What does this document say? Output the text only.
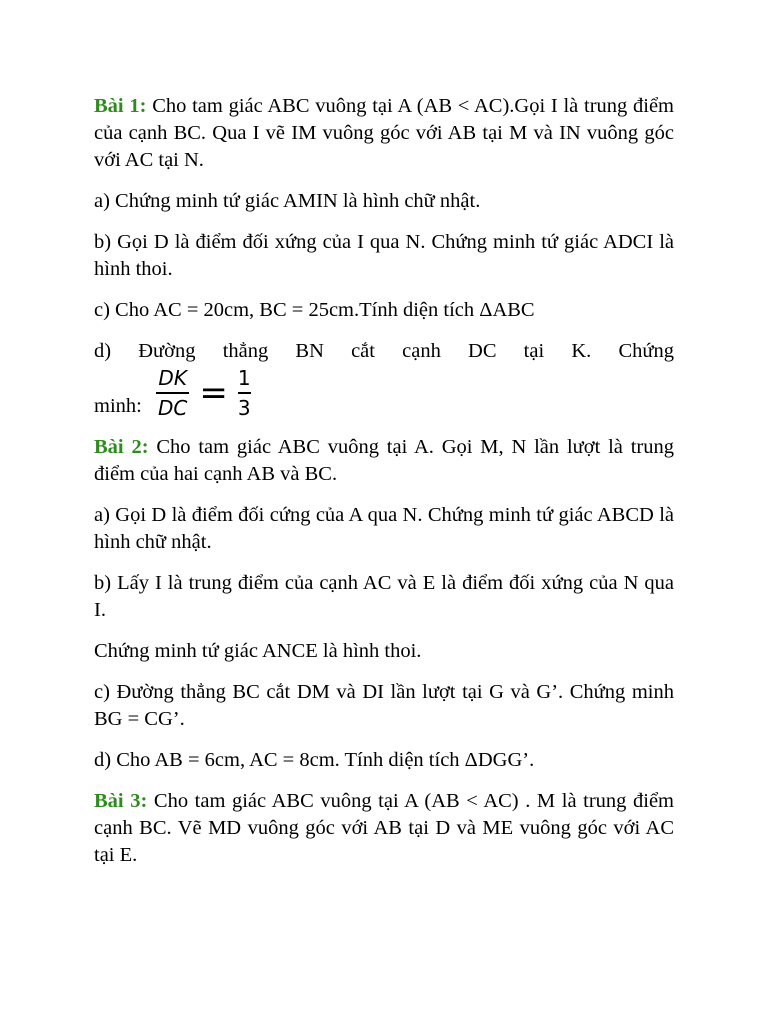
Bài 1: Cho tam giác ABC vuông tại A (AB < AC).Gọi I là trung điểm của cạnh BC. Qua I vẽ IM vuông góc với AB tại M và IN vuông góc với AC tại N.

a) Chứng minh tứ giác AMIN là hình chữ nhật.

b) Gọi D là điểm đối xứng của I qua N. Chứng minh tứ giác ADCI là hình thoi.

c) Cho AC = 20cm, BC = 25cm.Tính diện tích ΔABC

d) Đường thẳng BN cắt cạnh DC tại K. Chứng
minh: $\frac{DK}{DC} = \frac{1}{3}$

Bài 2: Cho tam giác ABC vuông tại A. Gọi M, N lần lượt là trung điểm của hai cạnh AB và BC.

a) Gọi D là điểm đối cứng của A qua N. Chứng minh tứ giác ABCD là hình chữ nhật.

b) Lấy I là trung điểm của cạnh AC và E là điểm đối xứng của N qua I.

Chứng minh tứ giác ANCE là hình thoi.

c) Đường thẳng BC cắt DM và DI lần lượt tại G và G’. Chứng minh BG = CG’.

d) Cho AB = 6cm, AC = 8cm. Tính diện tích ΔDGG’.

Bài 3: Cho tam giác ABC vuông tại A (AB < AC) . M là trung điểm cạnh BC. Vẽ MD vuông góc với AB tại D và ME vuông góc với AC tại E.
